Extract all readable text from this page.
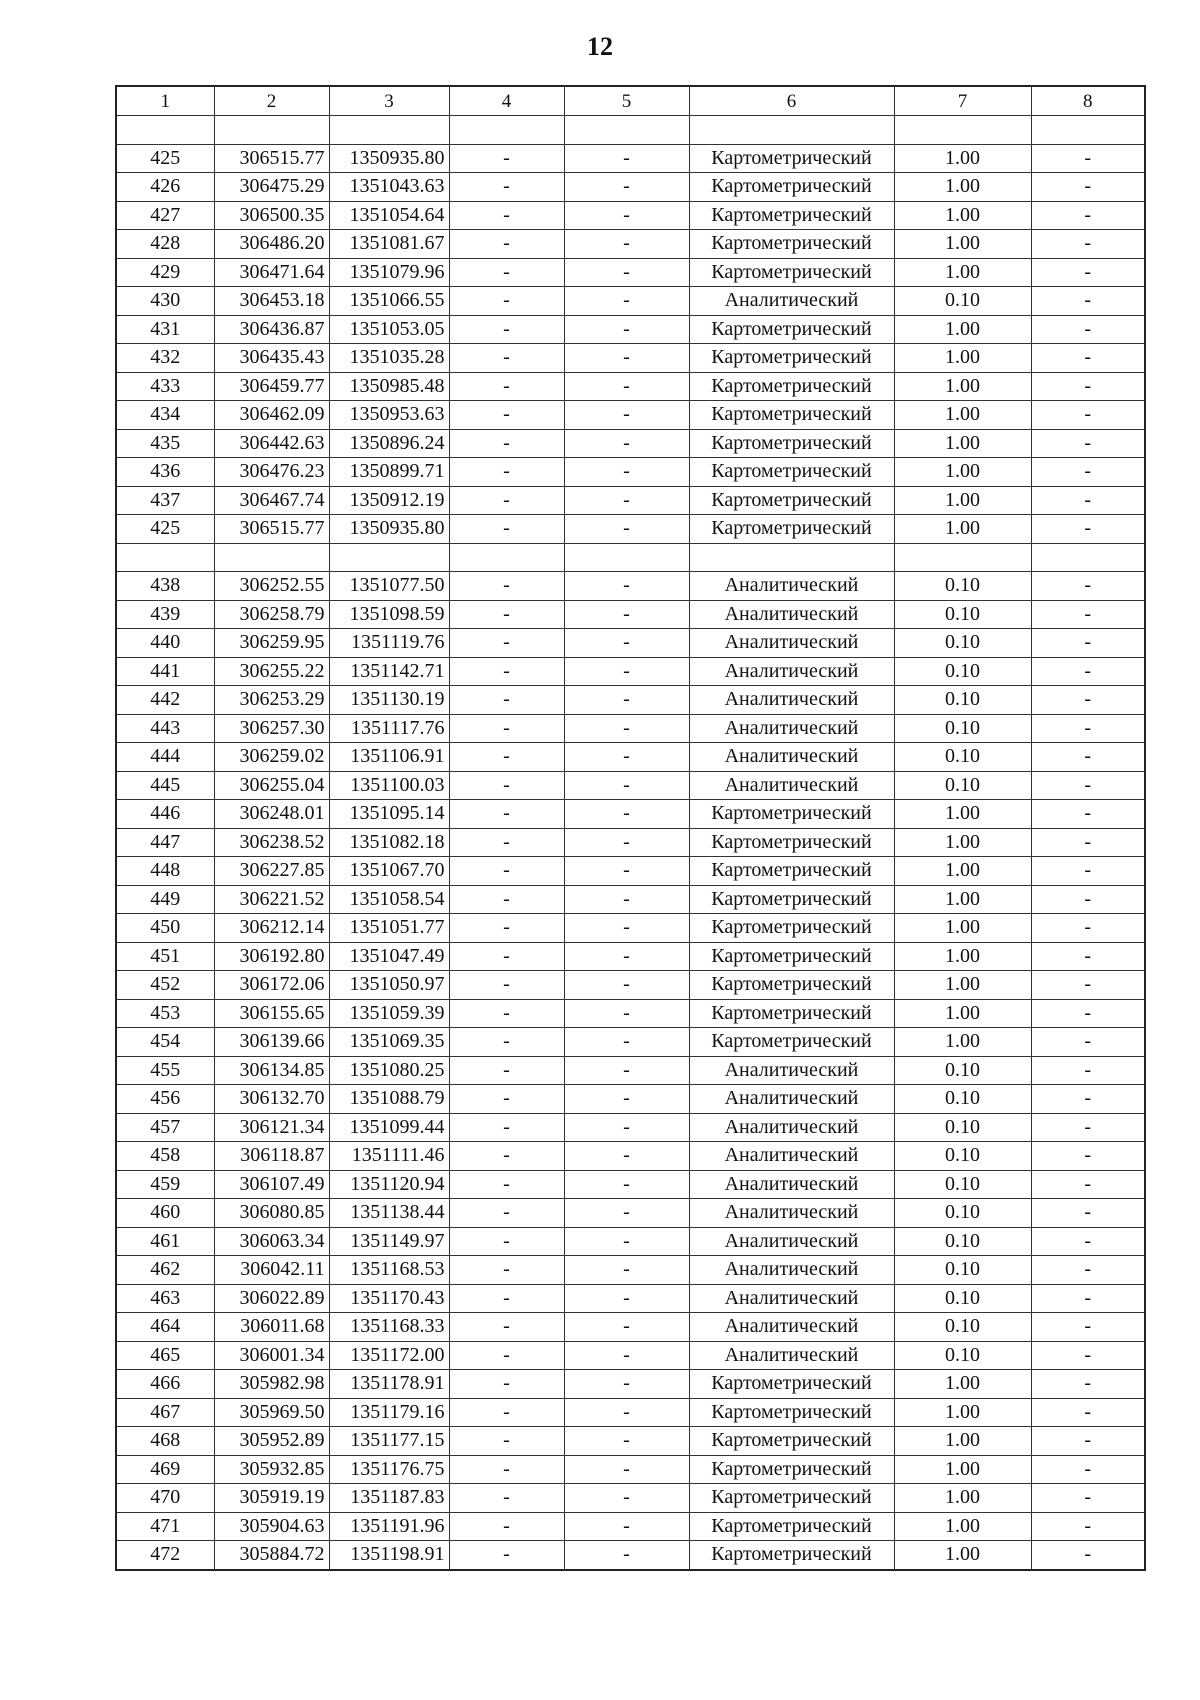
12
1	2	3	4	5	6	7	8

425	306515.77	1350935.80	-	-	Картометрический	1.00	-
426	306475.29	1351043.63	-	-	Картометрический	1.00	-
427	306500.35	1351054.64	-	-	Картометрический	1.00	-
428	306486.20	1351081.67	-	-	Картометрический	1.00	-
429	306471.64	1351079.96	-	-	Картометрический	1.00	-
430	306453.18	1351066.55	-	-	Аналитический	0.10	-
431	306436.87	1351053.05	-	-	Картометрический	1.00	-
432	306435.43	1351035.28	-	-	Картометрический	1.00	-
433	306459.77	1350985.48	-	-	Картометрический	1.00	-
434	306462.09	1350953.63	-	-	Картометрический	1.00	-
435	306442.63	1350896.24	-	-	Картометрический	1.00	-
436	306476.23	1350899.71	-	-	Картометрический	1.00	-
437	306467.74	1350912.19	-	-	Картометрический	1.00	-
425	306515.77	1350935.80	-	-	Картометрический	1.00	-

438	306252.55	1351077.50	-	-	Аналитический	0.10	-
439	306258.79	1351098.59	-	-	Аналитический	0.10	-
440	306259.95	1351119.76	-	-	Аналитический	0.10	-
441	306255.22	1351142.71	-	-	Аналитический	0.10	-
442	306253.29	1351130.19	-	-	Аналитический	0.10	-
443	306257.30	1351117.76	-	-	Аналитический	0.10	-
444	306259.02	1351106.91	-	-	Аналитический	0.10	-
445	306255.04	1351100.03	-	-	Аналитический	0.10	-
446	306248.01	1351095.14	-	-	Картометрический	1.00	-
447	306238.52	1351082.18	-	-	Картометрический	1.00	-
448	306227.85	1351067.70	-	-	Картометрический	1.00	-
449	306221.52	1351058.54	-	-	Картометрический	1.00	-
450	306212.14	1351051.77	-	-	Картометрический	1.00	-
451	306192.80	1351047.49	-	-	Картометрический	1.00	-
452	306172.06	1351050.97	-	-	Картометрический	1.00	-
453	306155.65	1351059.39	-	-	Картометрический	1.00	-
454	306139.66	1351069.35	-	-	Картометрический	1.00	-
455	306134.85	1351080.25	-	-	Аналитический	0.10	-
456	306132.70	1351088.79	-	-	Аналитический	0.10	-
457	306121.34	1351099.44	-	-	Аналитический	0.10	-
458	306118.87	1351111.46	-	-	Аналитический	0.10	-
459	306107.49	1351120.94	-	-	Аналитический	0.10	-
460	306080.85	1351138.44	-	-	Аналитический	0.10	-
461	306063.34	1351149.97	-	-	Аналитический	0.10	-
462	306042.11	1351168.53	-	-	Аналитический	0.10	-
463	306022.89	1351170.43	-	-	Аналитический	0.10	-
464	306011.68	1351168.33	-	-	Аналитический	0.10	-
465	306001.34	1351172.00	-	-	Аналитический	0.10	-
466	305982.98	1351178.91	-	-	Картометрический	1.00	-
467	305969.50	1351179.16	-	-	Картометрический	1.00	-
468	305952.89	1351177.15	-	-	Картометрический	1.00	-
469	305932.85	1351176.75	-	-	Картометрический	1.00	-
470	305919.19	1351187.83	-	-	Картометрический	1.00	-
471	305904.63	1351191.96	-	-	Картометрический	1.00	-
472	305884.72	1351198.91	-	-	Картометрический	1.00	-
